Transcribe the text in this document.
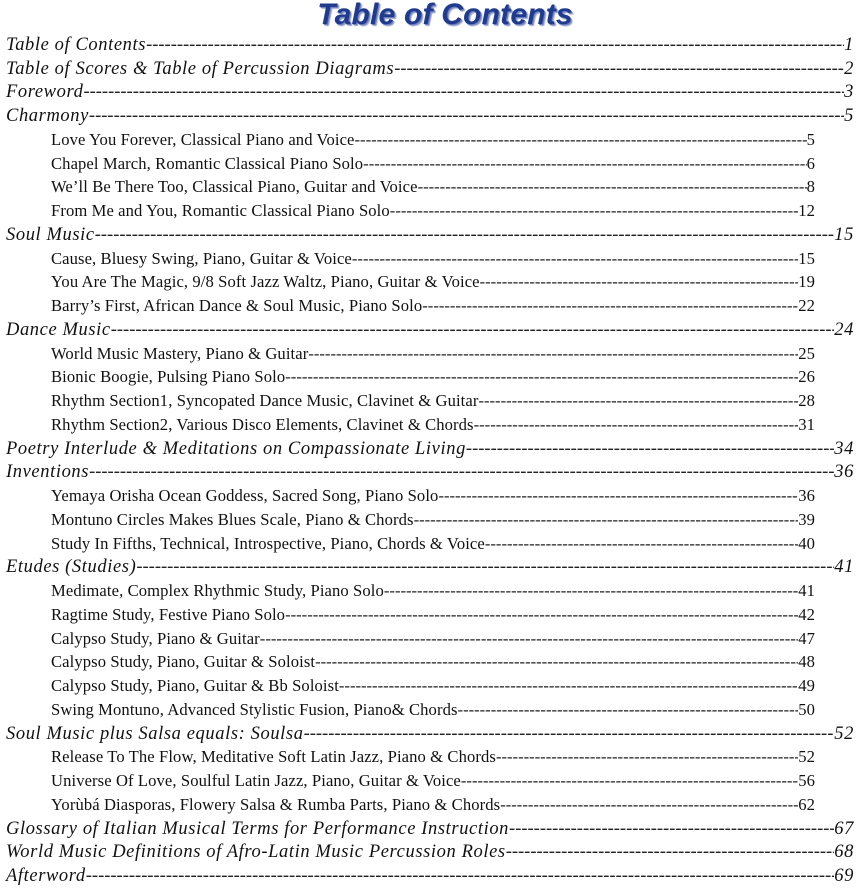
Table of Contents
Table of Contents -----	1
Table of Scores & Table of Percussion Diagrams -----	2
Foreword -----	3
Charmony -----	5
Love You Forever, Classical Piano and Voice -----	5
Chapel March, Romantic Classical Piano Solo -----	6
We’ll Be There Too, Classical Piano, Guitar and Voice -----	8
From Me and You, Romantic Classical Piano Solo -----	12
Soul Music -----	15
Cause, Bluesy Swing, Piano, Guitar & Voice -----	15
You Are The Magic, 9/8 Soft Jazz Waltz, Piano, Guitar & Voice -----	19
Barry’s First, African Dance & Soul Music, Piano Solo -----	22
Dance Music -----	24
World Music Mastery, Piano & Guitar -----	25
Bionic Boogie, Pulsing Piano Solo -----	26
Rhythm Section1, Syncopated Dance Music, Clavinet & Guitar -----	28
Rhythm Section2, Various Disco Elements, Clavinet & Chords -----	31
Poetry Interlude & Meditations on Compassionate Living -----	34
Inventions -----	36
Yemaya Orisha Ocean Goddess, Sacred Song, Piano Solo -----	36
Montuno Circles Makes Blues Scale, Piano & Chords -----	39
Study In Fifths, Technical, Introspective, Piano, Chords & Voice -----	40
Etudes (Studies) -----	41
Medimate, Complex Rhythmic Study, Piano Solo -----	41
Ragtime Study, Festive Piano Solo -----	42
Calypso Study, Piano & Guitar -----	47
Calypso Study, Piano, Guitar & Soloist -----	48
Calypso Study, Piano, Guitar & Bb Soloist -----	49
Swing Montuno, Advanced Stylistic Fusion, Piano& Chords -----	50
Soul Music plus Salsa equals: Soulsa -----	52
Release To The Flow, Meditative Soft Latin Jazz, Piano & Chords -----	52
Universe Of Love, Soulful Latin Jazz, Piano, Guitar & Voice -----	56
Yorùbá Diasporas, Flowery Salsa & Rumba Parts, Piano & Chords -----	62
Glossary of Italian Musical Terms for Performance Instruction -----	67
World Music Definitions of Afro-Latin Music Percussion Roles -----	68
Afterword -----	69
